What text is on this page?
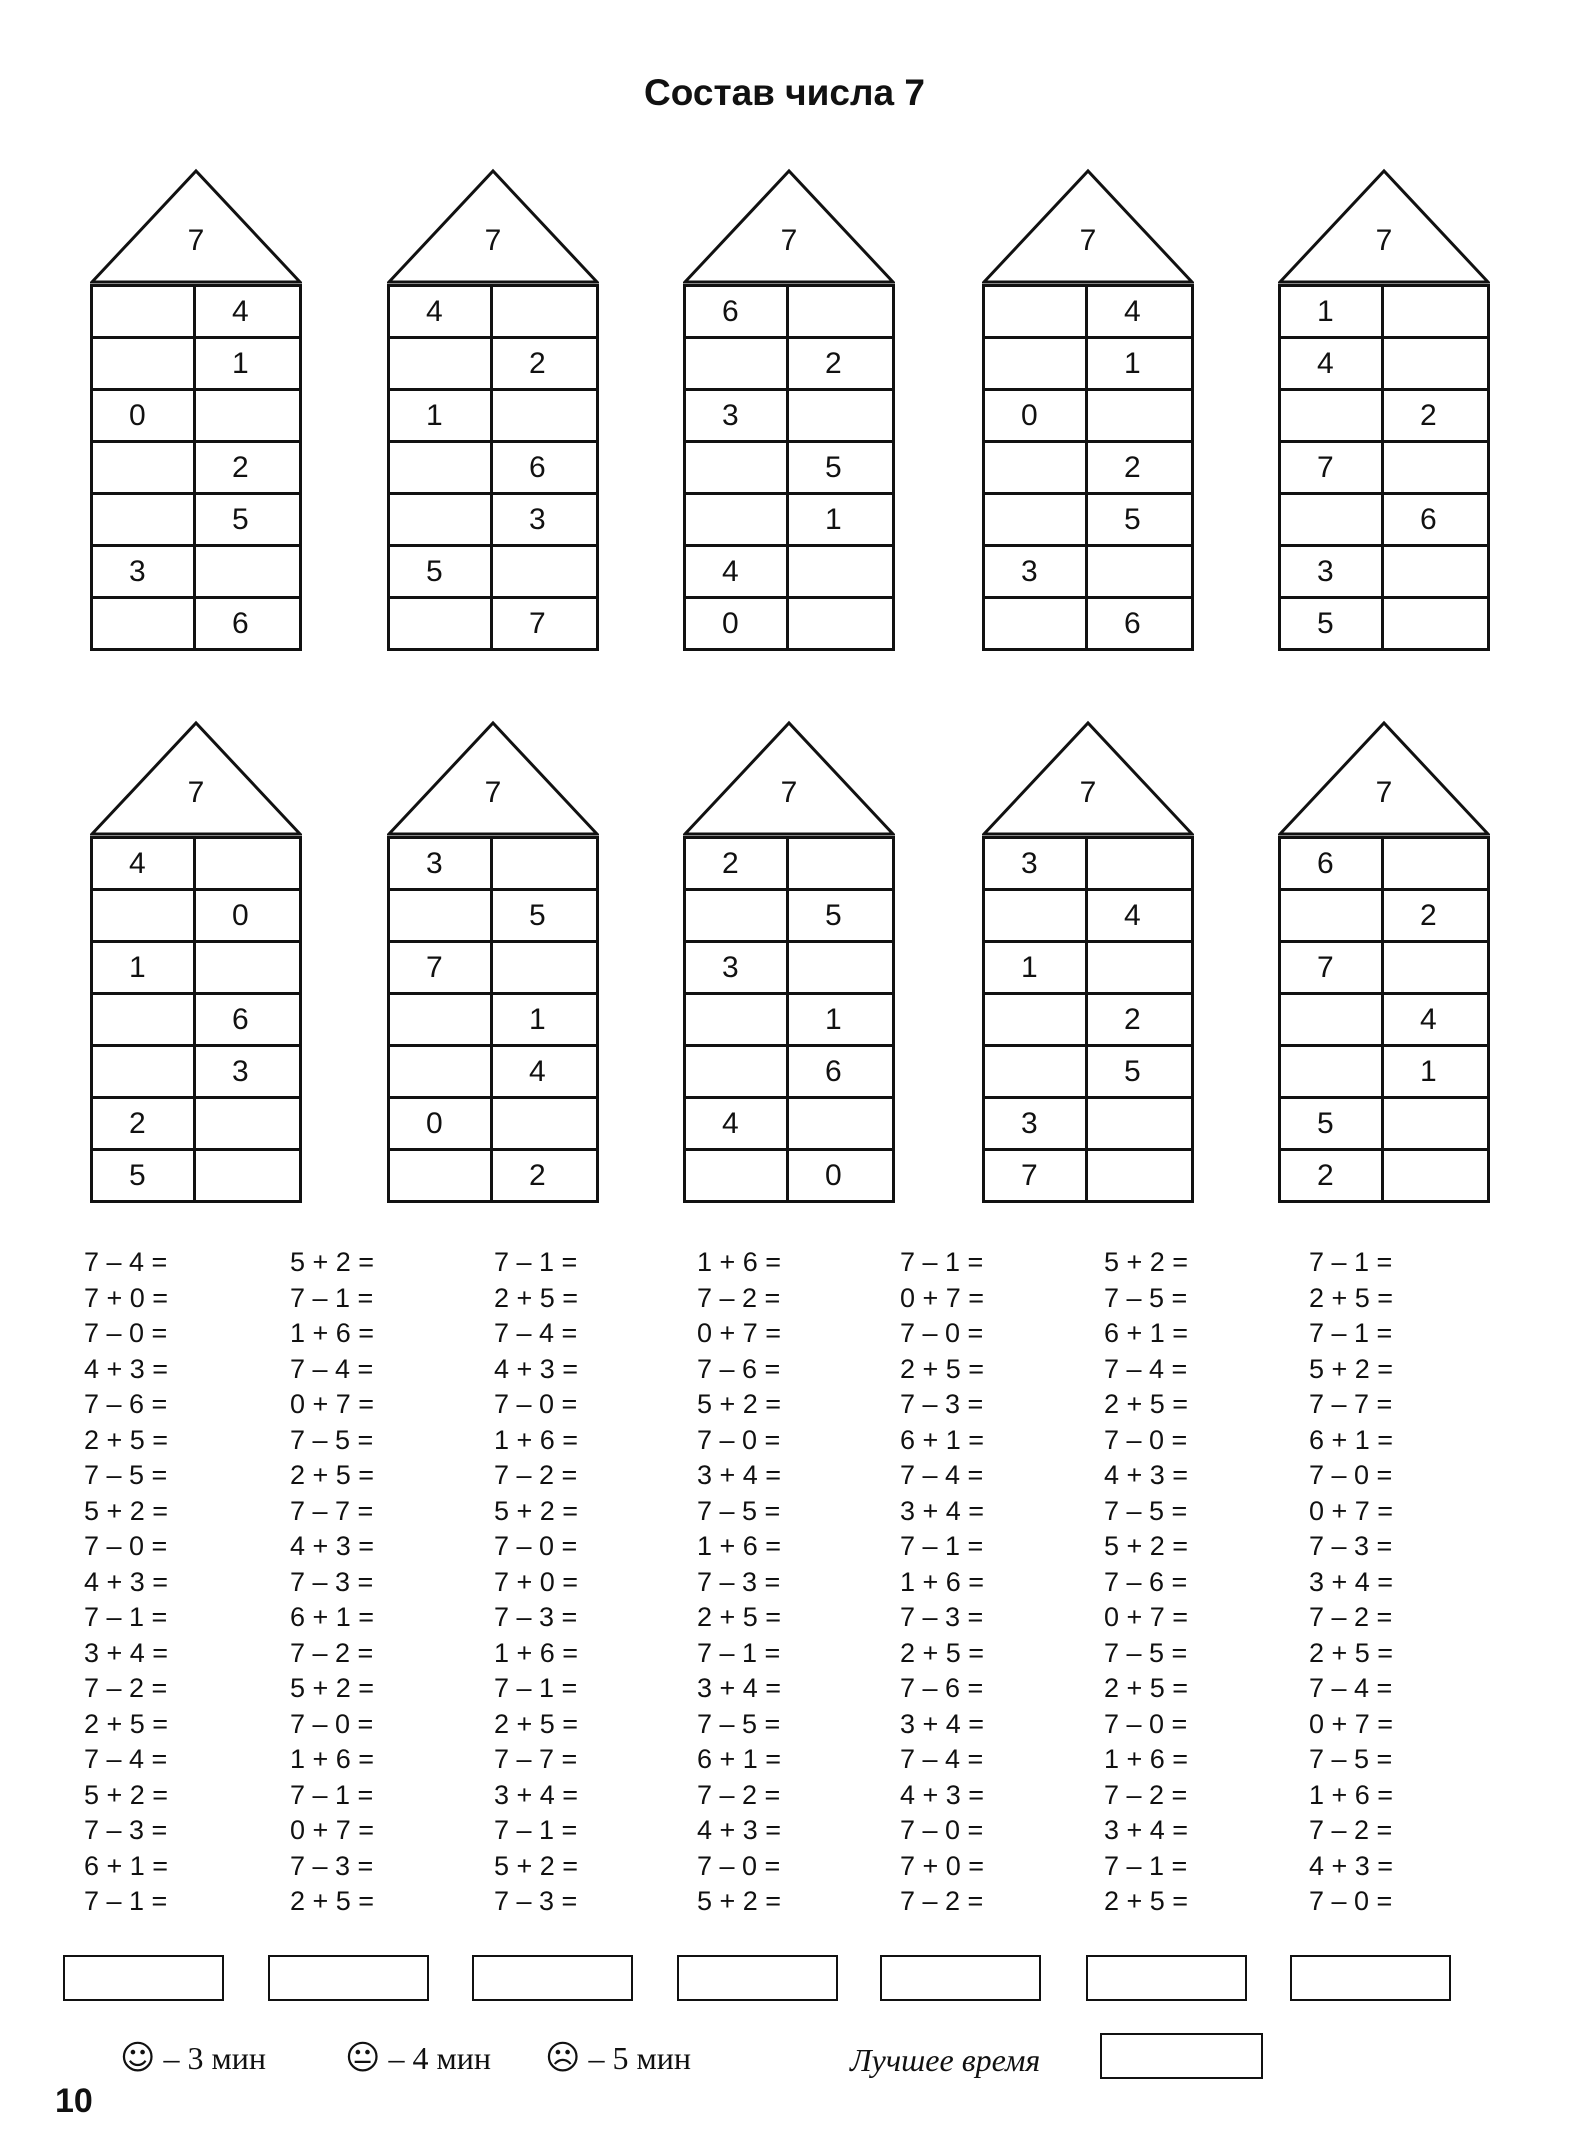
Состав числа 7
7
4
1
0
2
5
3
6
7
4
2
1
6
3
5
7
7
6
2
3
5
1
4
0
7
4
1
0
2
5
3
6
7
1
4
2
7
6
3
5
7
4
0
1
6
3
2
5
7
3
5
7
1
4
0
2
7
2
5
3
1
6
4
0
7
3
4
1
2
5
3
7
7
6
2
7
4
1
5
2
7 – 4 =
7 + 0 =
7 – 0 =
4 + 3 =
7 – 6 =
2 + 5 =
7 – 5 =
5 + 2 =
7 – 0 =
4 + 3 =
7 – 1 =
3 + 4 =
7 – 2 =
2 + 5 =
7 – 4 =
5 + 2 =
7 – 3 =
6 + 1 =
7 – 1 =
5 + 2 =
7 – 1 =
1 + 6 =
7 – 4 =
0 + 7 =
7 – 5 =
2 + 5 =
7 – 7 =
4 + 3 =
7 – 3 =
6 + 1 =
7 – 2 =
5 + 2 =
7 – 0 =
1 + 6 =
7 – 1 =
0 + 7 =
7 – 3 =
2 + 5 =
7 – 1 =
2 + 5 =
7 – 4 =
4 + 3 =
7 – 0 =
1 + 6 =
7 – 2 =
5 + 2 =
7 – 0 =
7 + 0 =
7 – 3 =
1 + 6 =
7 – 1 =
2 + 5 =
7 – 7 =
3 + 4 =
7 – 1 =
5 + 2 =
7 – 3 =
1 + 6 =
7 – 2 =
0 + 7 =
7 – 6 =
5 + 2 =
7 – 0 =
3 + 4 =
7 – 5 =
1 + 6 =
7 – 3 =
2 + 5 =
7 – 1 =
3 + 4 =
7 – 5 =
6 + 1 =
7 – 2 =
4 + 3 =
7 – 0 =
5 + 2 =
7 – 1 =
0 + 7 =
7 – 0 =
2 + 5 =
7 – 3 =
6 + 1 =
7 – 4 =
3 + 4 =
7 – 1 =
1 + 6 =
7 – 3 =
2 + 5 =
7 – 6 =
3 + 4 =
7 – 4 =
4 + 3 =
7 – 0 =
7 + 0 =
7 – 2 =
5 + 2 =
7 – 5 =
6 + 1 =
7 – 4 =
2 + 5 =
7 – 0 =
4 + 3 =
7 – 5 =
5 + 2 =
7 – 6 =
0 + 7 =
7 – 5 =
2 + 5 =
7 – 0 =
1 + 6 =
7 – 2 =
3 + 4 =
7 – 1 =
2 + 5 =
7 – 1 =
2 + 5 =
7 – 1 =
5 + 2 =
7 – 7 =
6 + 1 =
7 – 0 =
0 + 7 =
7 – 3 =
3 + 4 =
7 – 2 =
2 + 5 =
7 – 4 =
0 + 7 =
7 – 5 =
1 + 6 =
7 – 2 =
4 + 3 =
7 – 0 =
☺ – 3 мин 😐︎ – 4 мин ☹ – 5 мин	Лучшее время
10
